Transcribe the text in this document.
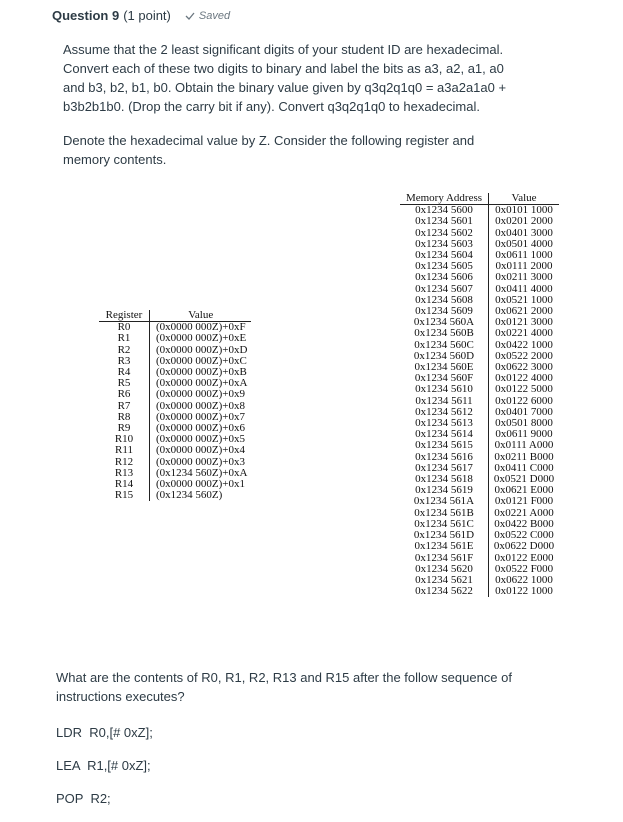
Question 9 (1 point)	Saved

Assume that the 2 least significant digits of your student ID are hexadecimal. Convert each of these two digits to binary and label the bits as a3, a2, a1, a0 and b3, b2, b1, b0. Obtain the binary value given by q3q2q1q0 = a3a2a1a0 + b3b2b1b0. (Drop the carry bit if any). Convert q3q2q1q0 to hexadecimal.

Denote the hexadecimal value by Z. Consider the following register and memory contents.

Register	Value
R0	(0x0000 000Z)+0xF
R1	(0x0000 000Z)+0xE
R2	(0x0000 000Z)+0xD
R3	(0x0000 000Z)+0xC
R4	(0x0000 000Z)+0xB
R5	(0x0000 000Z)+0xA
R6	(0x0000 000Z)+0x9
R7	(0x0000 000Z)+0x8
R8	(0x0000 000Z)+0x7
R9	(0x0000 000Z)+0x6
R10	(0x0000 000Z)+0x5
R11	(0x0000 000Z)+0x4
R12	(0x0000 000Z)+0x3
R13	(0x1234 560Z)+0xA
R14	(0x0000 000Z)+0x1
R15	(0x1234 560Z)
Memory Address	Value
0x1234 5600	0x0101 1000
0x1234 5601	0x0201 2000
0x1234 5602	0x0401 3000
0x1234 5603	0x0501 4000
0x1234 5604	0x0611 1000
0x1234 5605	0x0111 2000
0x1234 5606	0x0211 3000
0x1234 5607	0x0411 4000
0x1234 5608	0x0521 1000
0x1234 5609	0x0621 2000
0x1234 560A	0x0121 3000
0x1234 560B	0x0221 4000
0x1234 560C	0x0422 1000
0x1234 560D	0x0522 2000
0x1234 560E	0x0622 3000
0x1234 560F	0x0122 4000
0x1234 5610	0x0122 5000
0x1234 5611	0x0122 6000
0x1234 5612	0x0401 7000
0x1234 5613	0x0501 8000
0x1234 5614	0x0611 9000
0x1234 5615	0x0111 A000
0x1234 5616	0x0211 B000
0x1234 5617	0x0411 C000
0x1234 5618	0x0521 D000
0x1234 5619	0x0621 E000
0x1234 561A	0x0121 F000
0x1234 561B	0x0221 A000
0x1234 561C	0x0422 B000
0x1234 561D	0x0522 C000
0x1234 561E	0x0622 D000
0x1234 561F	0x0122 E000
0x1234 5620	0x0522 F000
0x1234 5621	0x0622 1000
0x1234 5622	0x0122 1000

What are the contents of R0, R1, R2, R13 and R15 after the follow sequence of instructions executes?

LDR  R0,[# 0xZ];
LEA  R1,[# 0xZ];
POP  R2;
